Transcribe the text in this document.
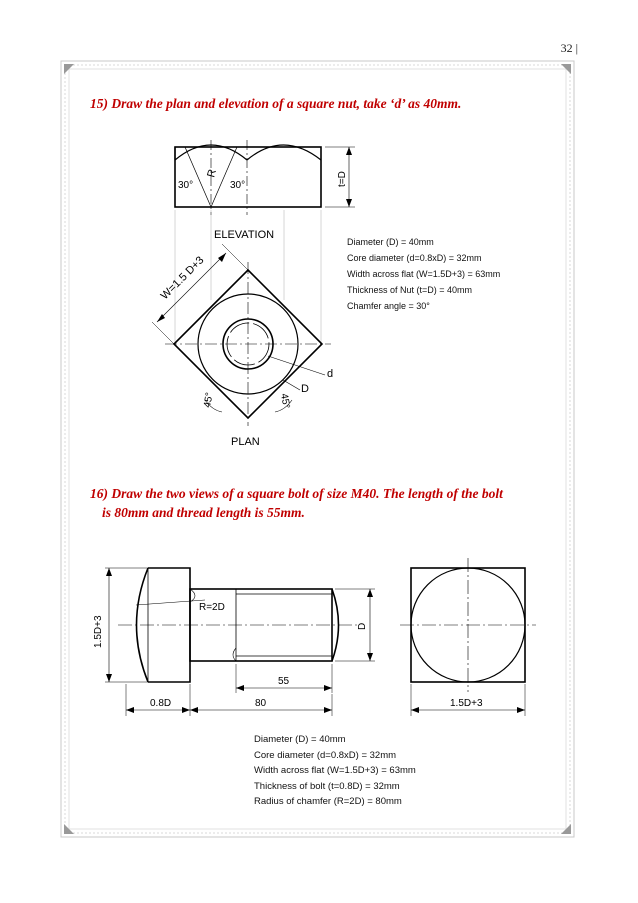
32 |
15) Draw the plan and elevation of a square nut, take ‘d’ as 40mm.
30°	30°
R	t=D
ELEVATION
W=1.5 D+3
d
D
45°	45°
PLAN
Diameter (D) = 40mm
Core diameter (d=0.8xD) = 32mm
Width across flat (W=1.5D+3) = 63mm
Thickness of Nut (t=D) = 40mm
Chamfer angle = 30°
16) Draw the two views of a square bolt of size M40. The length of the bolt
is 80mm and thread length is 55mm.
1.5D+3
R=2D
D
55
0.8D	80	1.5D+3
Diameter (D) = 40mm
Core diameter (d=0.8xD) = 32mm
Width across flat (W=1.5D+3) = 63mm
Thickness of bolt (t=0.8D) = 32mm
Radius of chamfer (R=2D) = 80mm
